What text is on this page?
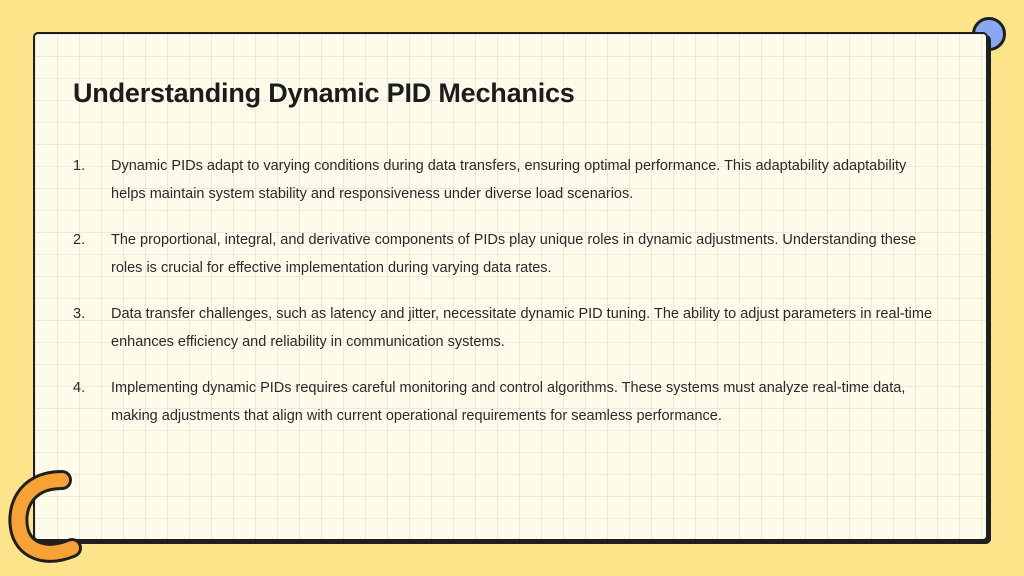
Understanding Dynamic PID Mechanics
1.	Dynamic PIDs adapt to varying conditions during data transfers, ensuring optimal performance. This adaptability adaptability helps maintain system stability and responsiveness under diverse load scenarios.
2.	The proportional, integral, and derivative components of PIDs play unique roles in dynamic adjustments. Understanding these roles is crucial for effective implementation during varying data rates.
3.	Data transfer challenges, such as latency and jitter, necessitate dynamic PID tuning. The ability to adjust parameters in real-time enhances efficiency and reliability in communication systems.
4.	Implementing dynamic PIDs requires careful monitoring and control algorithms. These systems must analyze real-time data, making adjustments that align with current operational requirements for seamless performance.
